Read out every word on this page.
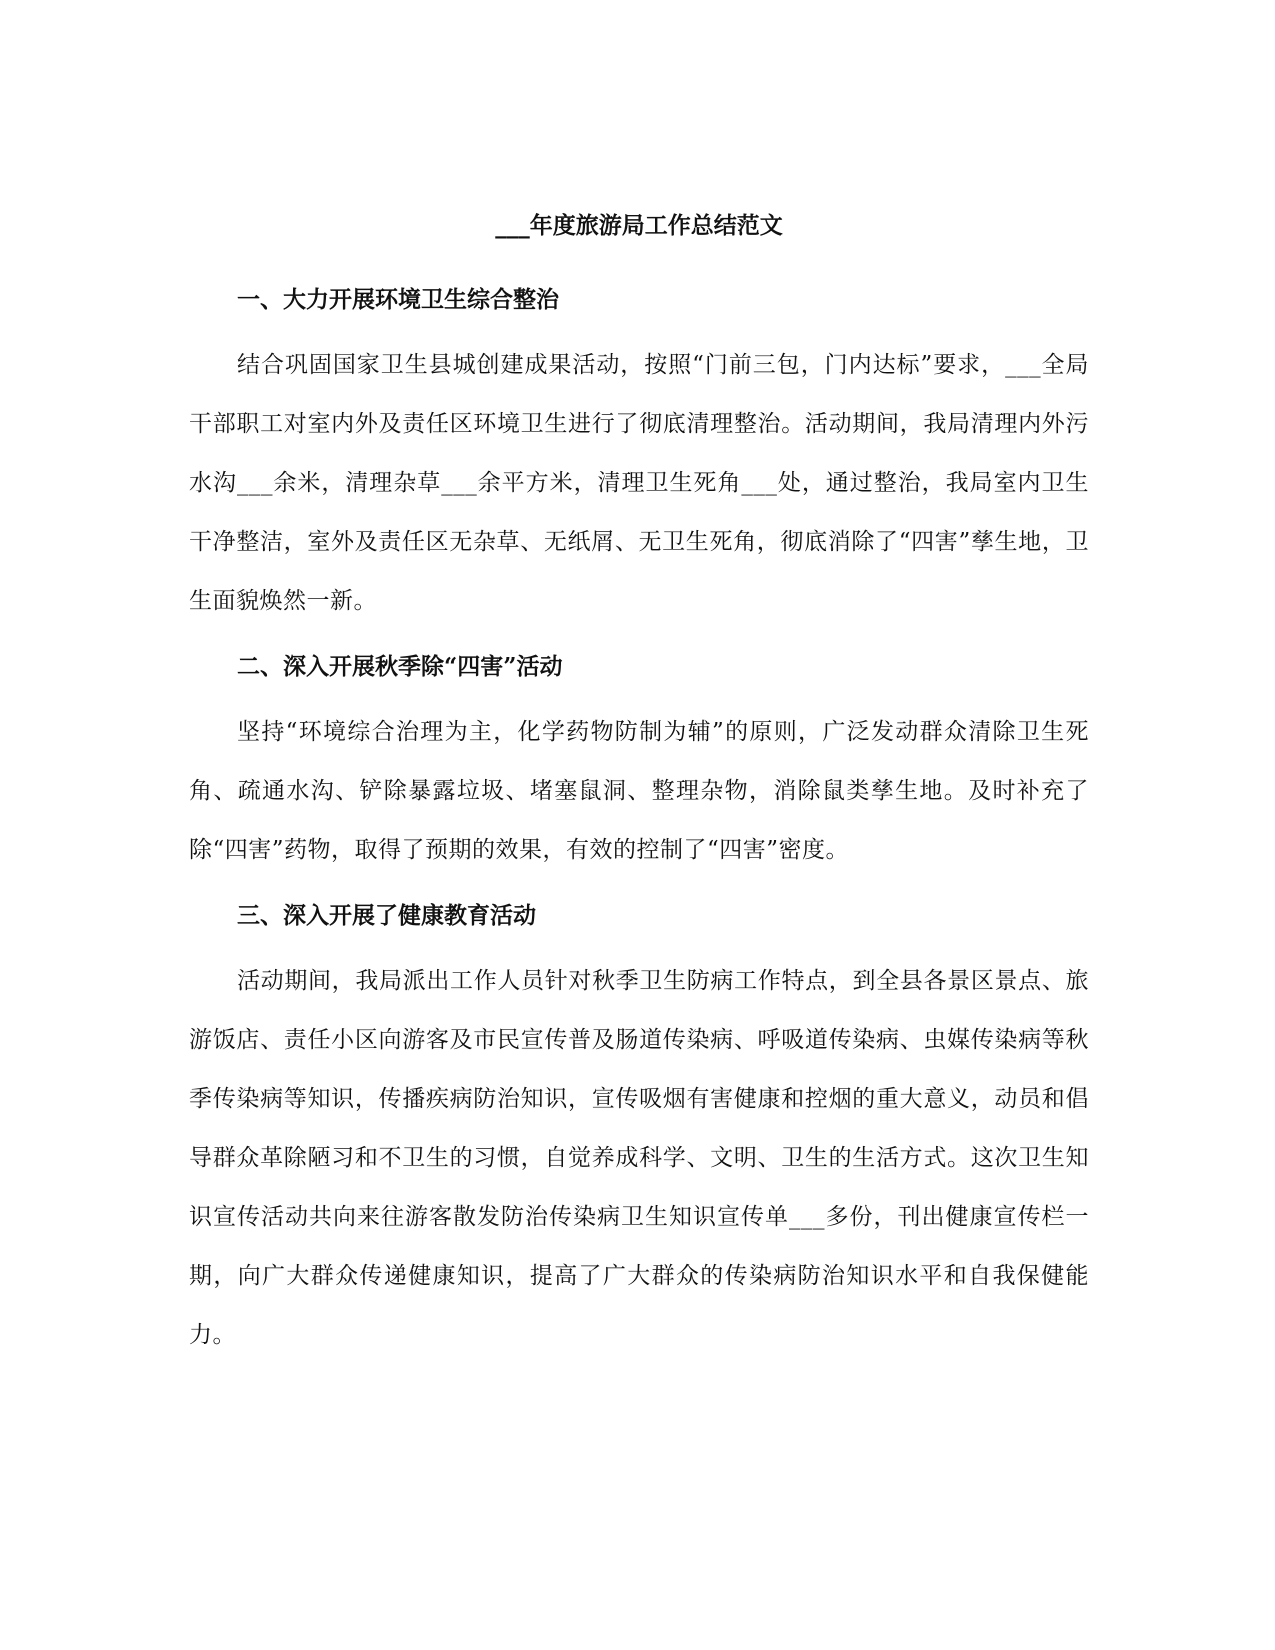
___年度旅游局工作总结范文
一、大力开展环境卫生综合整治

结合巩固国家卫生县城创建成果活动，按照“门前三包，门内达标”要求，___全局干部职工对室内外及责任区环境卫生进行了彻底清理整治。活动期间，我局清理内外污水沟___余米，清理杂草___余平方米，清理卫生死角___处，通过整治，我局室内卫生干净整洁，室外及责任区无杂草、无纸屑、无卫生死角，彻底消除了“四害”孳生地，卫生面貌焕然一新。

二、深入开展秋季除“四害”活动

坚持“环境综合治理为主，化学药物防制为辅”的原则，广泛发动群众清除卫生死角、疏通水沟、铲除暴露垃圾、堵塞鼠洞、整理杂物，消除鼠类孳生地。及时补充了除“四害”药物，取得了预期的效果，有效的控制了“四害”密度。

三、深入开展了健康教育活动

活动期间，我局派出工作人员针对秋季卫生防病工作特点，到全县各景区景点、旅游饭店、责任小区向游客及市民宣传普及肠道传染病、呼吸道传染病、虫媒传染病等秋季传染病等知识，传播疾病防治知识，宣传吸烟有害健康和控烟的重大意义，动员和倡导群众革除陋习和不卫生的习惯，自觉养成科学、文明、卫生的生活方式。这次卫生知识宣传活动共向来往游客散发防治传染病卫生知识宣传单___多份，刊出健康宣传栏一期，向广大群众传递健康知识，提高了广大群众的传染病防治知识水平和自我保健能力。
